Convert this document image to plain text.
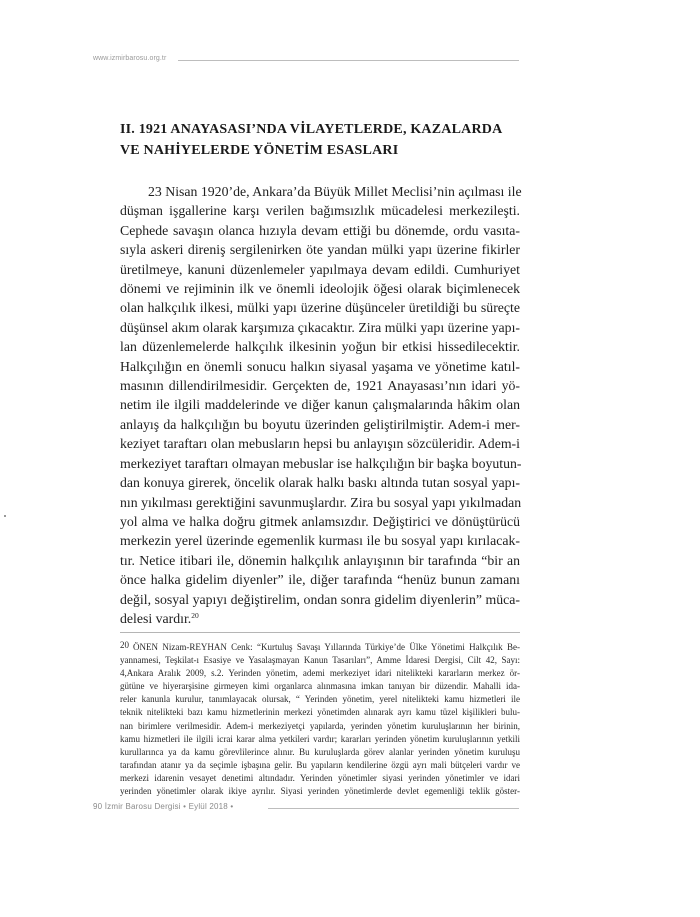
www.izmirbarosu.org.tr
II. 1921 ANAYASASI’NDA VİLAYETLERDE, KAZALARDA
VE NAHİYELERDE YÖNETİM ESASLARI
23 Nisan 1920’de, Ankara’da Büyük Millet Meclisi’nin açılması ile
düşman işgallerine karşı verilen bağımsızlık mücadelesi merkezileşti.
Cephede savaşın olanca hızıyla devam ettiği bu dönemde, ordu vasıta-
sıyla askeri direniş sergilenirken öte yandan mülki yapı üzerine fikirler
üretilmeye, kanuni düzenlemeler yapılmaya devam edildi. Cumhuriyet
dönemi ve rejiminin ilk ve önemli ideolojik öğesi olarak biçimlenecek
olan halkçılık ilkesi, mülki yapı üzerine düşünceler üretildiği bu süreçte
düşünsel akım olarak karşımıza çıkacaktır. Zira mülki yapı üzerine yapı-
lan düzenlemelerde halkçılık ilkesinin yoğun bir etkisi hissedilecektir.
Halkçılığın en önemli sonucu halkın siyasal yaşama ve yönetime katıl-
masının dillendirilmesidir. Gerçekten de, 1921 Anayasası’nın idari yö-
netim ile ilgili maddelerinde ve diğer kanun çalışmalarında hâkim olan
anlayış da halkçılığın bu boyutu üzerinden geliştirilmiştir. Adem-i mer-
keziyet taraftarı olan mebusların hepsi bu anlayışın sözcüleridir. Adem-i
merkeziyet taraftarı olmayan mebuslar ise halkçılığın bir başka boyutun-
dan konuya girerek, öncelik olarak halkı baskı altında tutan sosyal yapı-
nın yıkılması gerektiğini savunmuşlardır. Zira bu sosyal yapı yıkılmadan
yol alma ve halka doğru gitmek anlamsızdır. Değiştirici ve dönüştürücü
merkezin yerel üzerinde egemenlik kurması ile bu sosyal yapı kırılacak-
tır. Netice itibari ile, dönemin halkçılık anlayışının bir tarafında “bir an
önce halka gidelim diyenler” ile, diğer tarafında “henüz bunun zamanı
değil, sosyal yapıyı değiştirelim, ondan sonra gidelim diyenlerin” müca-
delesi vardır.$^{20}$
20 ÖNEN Nizam-REYHAN Cenk: “Kurtuluş Savaşı Yıllarında Türkiye’de Ülke Yönetimi Halkçılık Be-
yannamesi, Teşkilat-ı Esasiye ve Yasalaşmayan Kanun Tasarıları”, Amme İdaresi Dergisi, Cilt 42, Sayı:
4,Ankara Aralık 2009, s.2. Yerinden yönetim, ademi merkeziyet idari nitelikteki kararların merkez ör-
gütüne ve hiyerarşisine girmeyen kimi organlarca alınmasına imkan tanıyan bir düzendir. Mahalli ida-
reler kanunla kurulur, tanımlayacak olursak, “ Yerinden yönetim, yerel nitelikteki kamu hizmetleri ile
teknik nitelikteki bazı kamu hizmetlerinin merkezi yönetimden alınarak ayrı kamu tüzel kişilikleri bulu-
nan birimlere verilmesidir. Adem-i merkeziyetçi yapılarda, yerinden yönetim kuruluşlarının her birinin,
kamu hizmetleri ile ilgili icrai karar alma yetkileri vardır; kararları yerinden yönetim kuruluşlarının yetkili
kurullarınca ya da kamu görevlilerince alınır. Bu kuruluşlarda görev alanlar yerinden yönetim kuruluşu
tarafından atanır ya da seçimle işbaşına gelir. Bu yapıların kendilerine özgü ayrı mali bütçeleri vardır ve
merkezi idarenin vesayet denetimi altındadır. Yerinden yönetimler siyasi yerinden yönetimler ve idari
yerinden yönetimler olarak ikiye ayrılır. Siyasi yerinden yönetimlerde devlet egemenliği teklik göster-
90 İzmir Barosu Dergisi • Eylül 2018 •
